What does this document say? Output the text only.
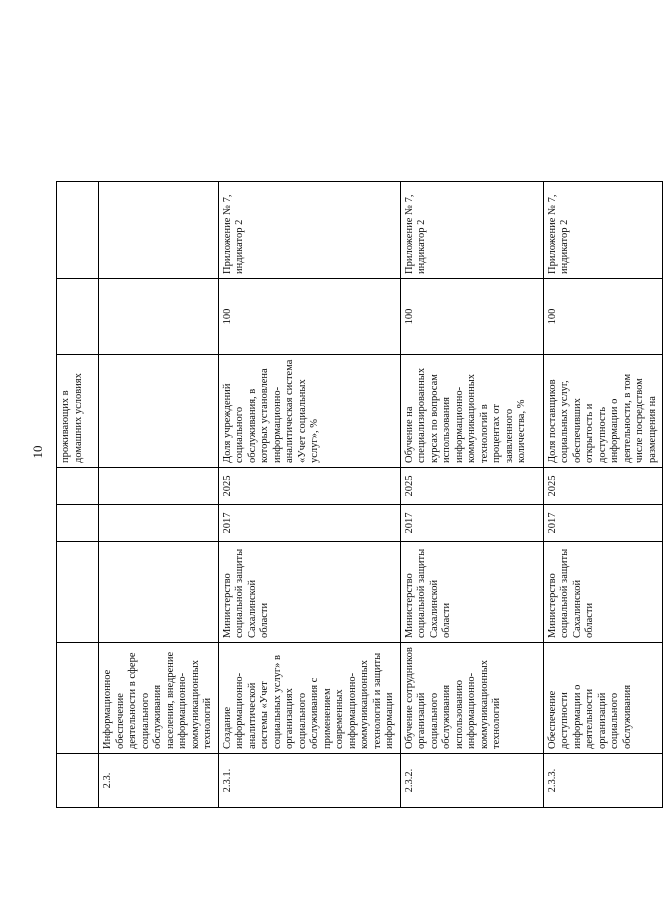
10
					проживающих в домашних условиях		
2.3.	Информационное обеспечение деятельности в сфере социального обслуживания населения, внедрение информационно-коммуникационных технологий						
2.3.1.	Создание информационно-аналитической системы «Учет социальных услуг» в организациях социального обслуживания с применением современных информационно-коммуникационных технологий и защиты информации	Министерство социальной защиты Сахалинской области	2017	2025	Доля учреждений социального обслуживания, в которых установлена информационно-аналитическая система «Учет социальных услуг», %	100	Приложение № 7, индикатор 2
2.3.2.	Обучение сотрудников организаций социального обслуживания использованию информационно-коммуникационных технологий	Министерство социальной защиты Сахалинской области	2017	2025	Обучение на специализированных курсах по вопросам использования информационно-коммуникационных технологий в процентах от заявленного количества, %	100	Приложение № 7, индикатор 2
2.3.3.	Обеспечение доступности информации о деятельности организаций социального обслуживания	Министерство социальной защиты Сахалинской области	2017	2025	Доля поставщиков социальных услуг, обеспечивших открытость и доступность информации о деятельности, в том числе посредством размещения на	100	Приложение № 7, индикатор 2
